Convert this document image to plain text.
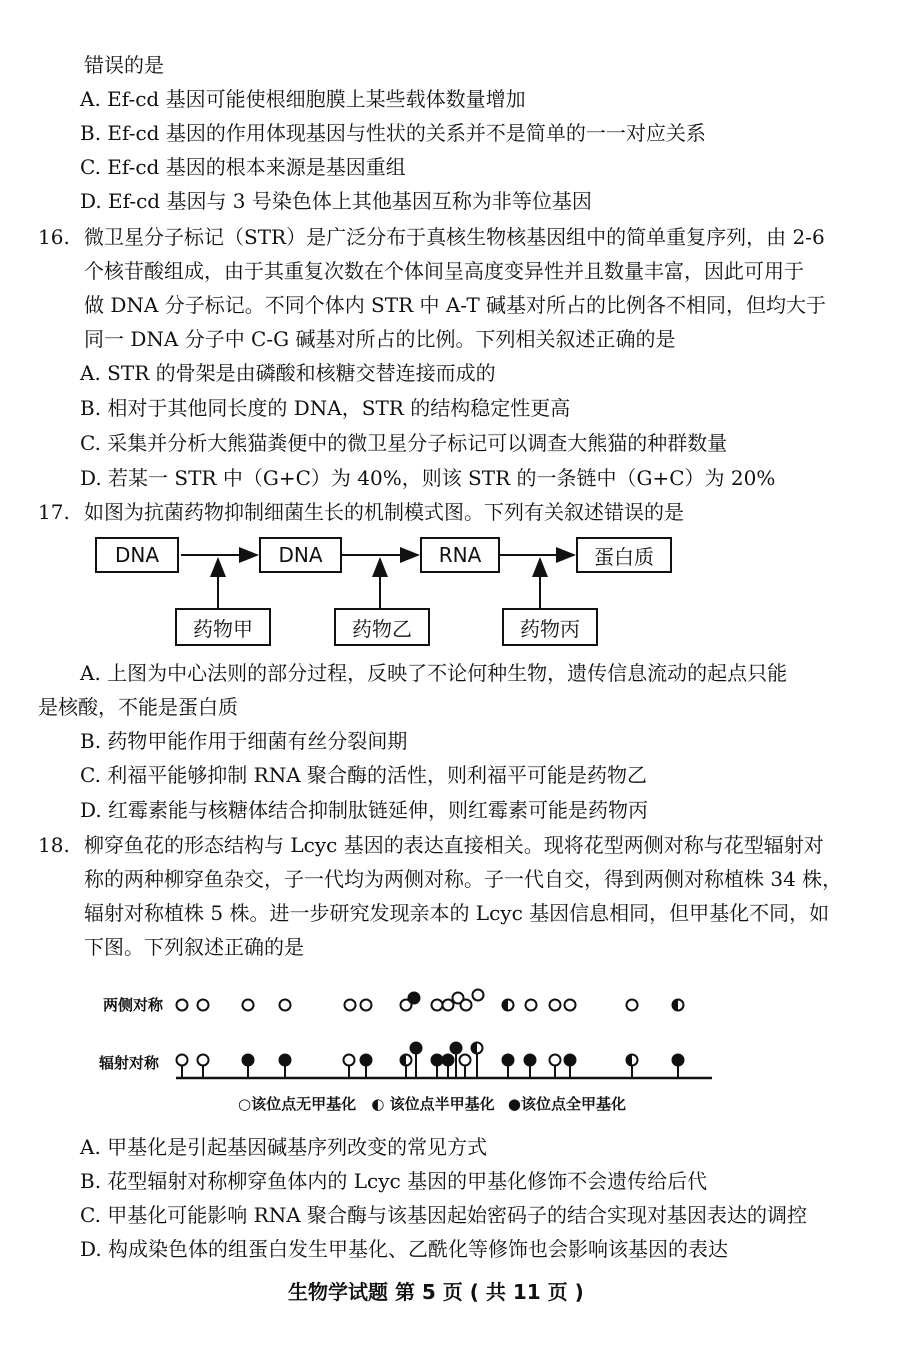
错误的是
A. Ef-cd 基因可能使根细胞膜上某些载体数量增加
B. Ef-cd 基因的作用体现基因与性状的关系并不是简单的一一对应关系
C. Ef-cd 基因的根本来源是基因重组
D. Ef-cd 基因与 3 号染色体上其他基因互称为非等位基因
16. 微卫星分子标记（STR）是广泛分布于真核生物核基因组中的简单重复序列，由 2-6
个核苷酸组成，由于其重复次数在个体间呈高度变异性并且数量丰富，因此可用于
做 DNA 分子标记。不同个体内 STR 中 A-T 碱基对所占的比例各不相同，但均大于
同一 DNA 分子中 C-G 碱基对所占的比例。下列相关叙述正确的是
A. STR 的骨架是由磷酸和核糖交替连接而成的
B. 相对于其他同长度的 DNA，STR 的结构稳定性更高
C. 采集并分析大熊猫粪便中的微卫星分子标记可以调查大熊猫的种群数量
D. 若某一 STR 中（G+C）为 40%，则该 STR 的一条链中（G+C）为 20%
17. 如图为抗菌药物抑制细菌生长的机制模式图。下列有关叙述错误的是
DNA	DNA	RNA	蛋白质
药物甲	药物乙	药物丙
A. 上图为中心法则的部分过程，反映了不论何种生物，遗传信息流动的起点只能
是核酸，不能是蛋白质
B. 药物甲能作用于细菌有丝分裂间期
C. 利福平能够抑制 RNA 聚合酶的活性，则利福平可能是药物乙
D. 红霉素能与核糖体结合抑制肽链延伸，则红霉素可能是药物丙
18. 柳穿鱼花的形态结构与 Lcyc 基因的表达直接相关。现将花型两侧对称与花型辐射对
称的两种柳穿鱼杂交，子一代均为两侧对称。子一代自交，得到两侧对称植株 34 株，
辐射对称植株 5 株。进一步研究发现亲本的 Lcyc 基因信息相同，但甲基化不同，如
下图。下列叙述正确的是
两侧对称
辐射对称
○该位点无甲基化 ◐ 该位点半甲基化 ●该位点全甲基化
A. 甲基化是引起基因碱基序列改变的常见方式
B. 花型辐射对称柳穿鱼体内的 Lcyc 基因的甲基化修饰不会遗传给后代
C. 甲基化可能影响 RNA 聚合酶与该基因起始密码子的结合实现对基因表达的调控
D. 构成染色体的组蛋白发生甲基化、乙酰化等修饰也会影响该基因的表达
生物学试题 第 5 页 ( 共 11 页 )
